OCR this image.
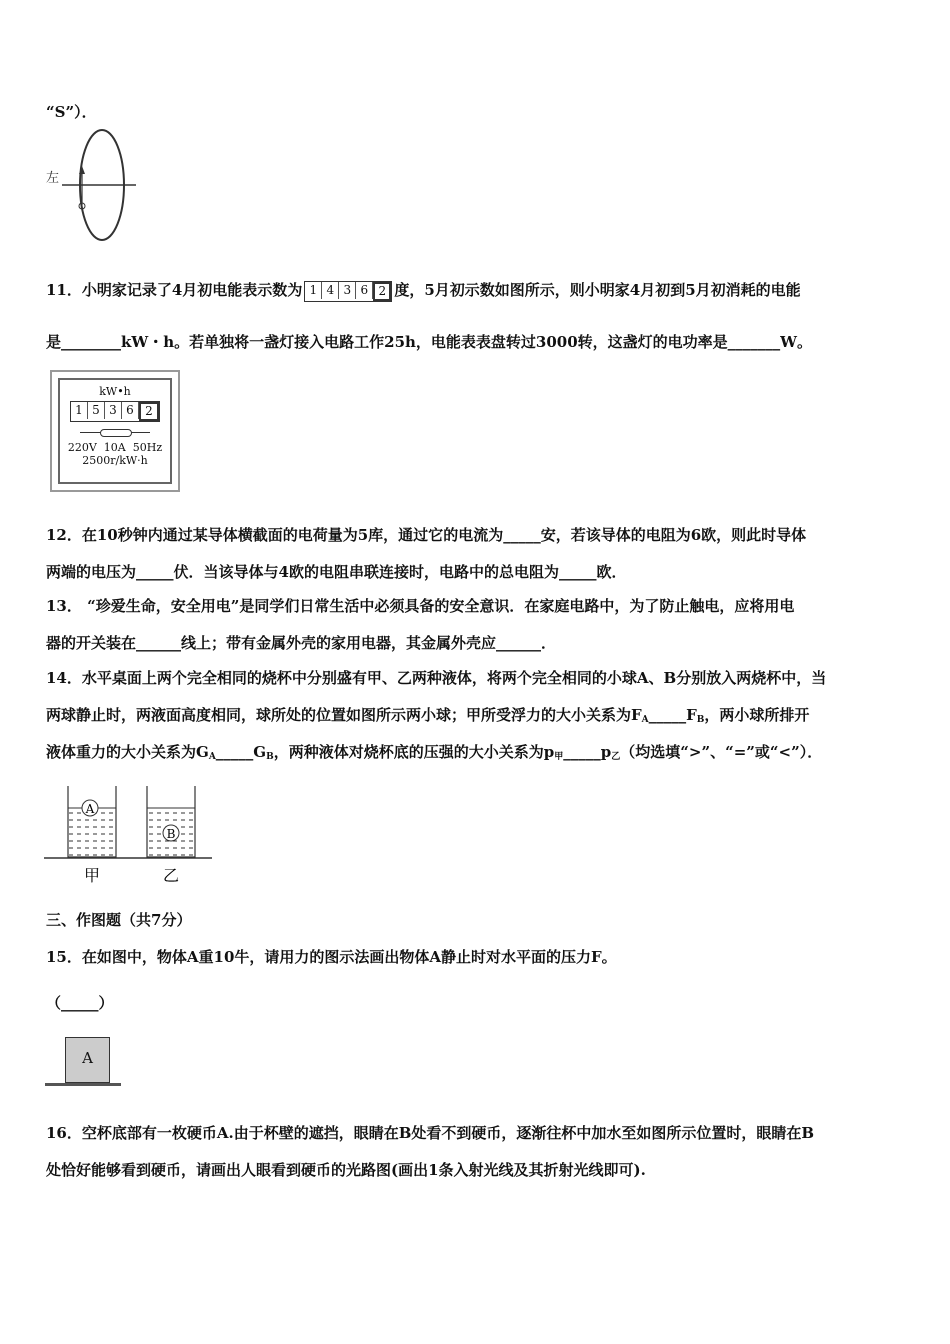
“S”）．
左
11．小明家记录了4月初电能表示数为 1 4 3 6 2 度，5月初示数如图所示，则小明家4月初到5月初消耗的电能
是________kW・h。若单独将一盏灯接入电路工作25h，电能表表盘转过3000转，这盏灯的电功率是_______W。
kW•h
1 5 3 6 2
220V  10A  50Hz
2500r/kW·h
12．在10秒钟内通过某导体横截面的电荷量为5库，通过它的电流为_____安，若该导体的电阻为6欧，则此时导体
两端的电压为_____伏．当该导体与4欧的电阻串联连接时，电路中的总电阻为_____欧．
13． “珍爱生命，安全用电”是同学们日常生活中必须具备的安全意识．在家庭电路中，为了防止触电，应将用电
器的开关装在______线上；带有金属外壳的家用电器，其金属外壳应______．
14．水平桌面上两个完全相同的烧杯中分别盛有甲、乙两种液体，将两个完全相同的小球A、B分别放入两烧杯中，当
两球静止时，两液面高度相同，球所处的位置如图所示两小球；甲所受浮力的大小关系为$F_A\_\_\_\_\_F_B$，两小球所排开
液体重力的大小关系为$G_A\_\_\_\_\_G_B$，两种液体对烧杯底的压强的大小关系为$p_甲\_\_\_\_\_p_乙$（均选填“>”、“=”或“<”）．
A
B
甲	乙
三、作图题（共7分）
15．在如图中，物体A重10牛，请用力的图示法画出物体A静止时对水平面的压力F。
（_____）
A
16．空杯底部有一枚硬币A.由于杯壁的遮挡，眼睛在B处看不到硬币，逐渐往杯中加水至如图所示位置时，眼睛在B
处恰好能够看到硬币，请画出人眼看到硬币的光路图(画出1条入射光线及其折射光线即可).
